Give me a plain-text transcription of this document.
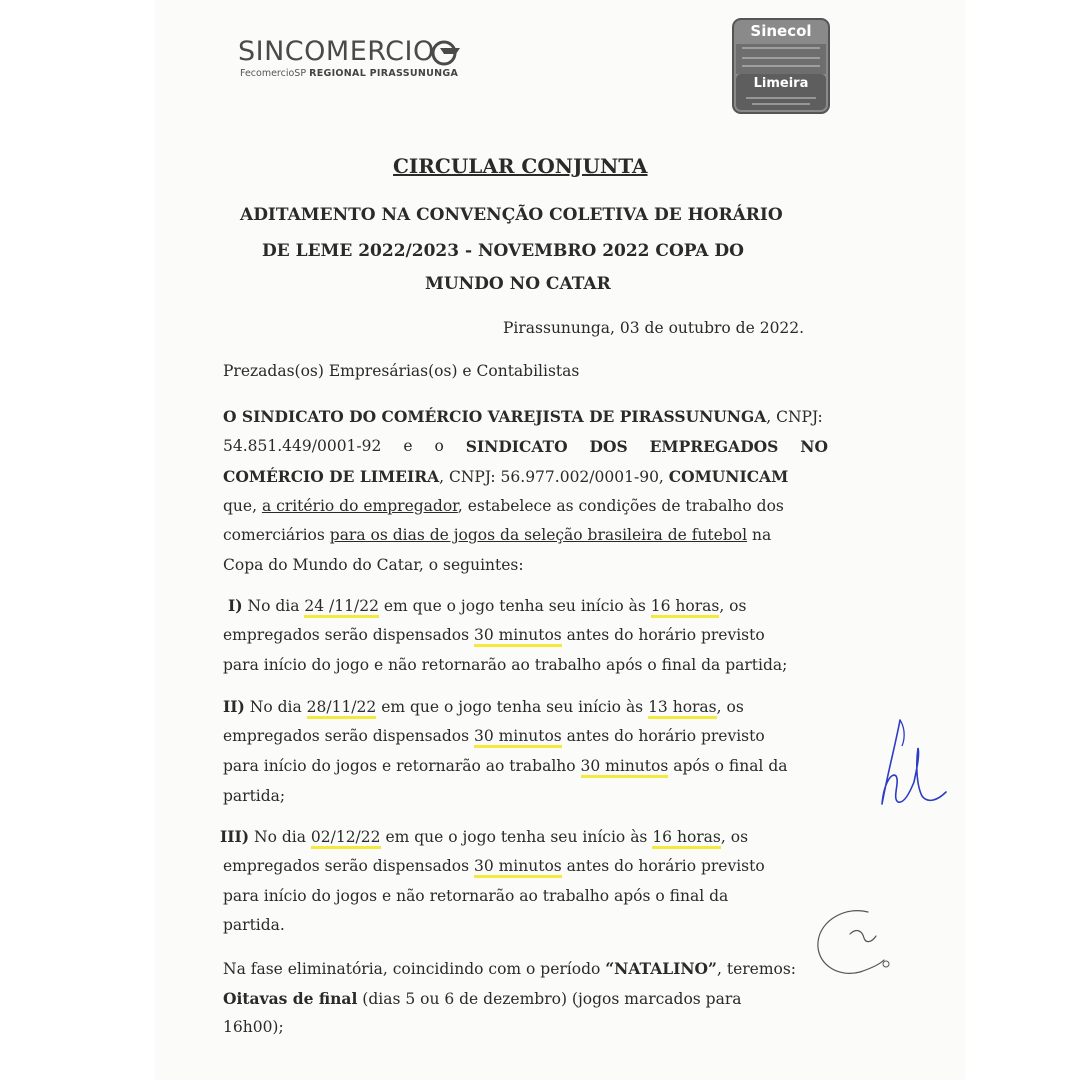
SINCOMERCIO
FecomercioSP REGIONAL PIRASSUNUNGA
Sinecol
Limeira
CIRCULAR CONJUNTA
ADITAMENTO NA CONVENÇÃO COLETIVA DE HORÁRIO
DE LEME 2022/2023 - NOVEMBRO 2022 COPA DO
MUNDO NO CATAR
Pirassununga, 03 de outubro de 2022.
Prezadas(os) Empresárias(os) e Contabilistas
O SINDICATO DO COMÉRCIO VAREJISTA DE PIRASSUNUNGA, CNPJ:
54.851.449/0001-92 e o SINDICATO DOS EMPREGADOS NO
COMÉRCIO DE LIMEIRA, CNPJ: 56.977.002/0001-90, COMUNICAM
que, a critério do empregador, estabelece as condições de trabalho dos
comerciários para os dias de jogos da seleção brasileira de futebol na
Copa do Mundo do Catar, o seguintes:
I) No dia 24 /11/22 em que o jogo tenha seu início às 16 horas, os
empregados serão dispensados 30 minutos antes do horário previsto
para início do jogo e não retornarão ao trabalho após o final da partida;
II) No dia 28/11/22 em que o jogo tenha seu início às 13 horas, os
empregados serão dispensados 30 minutos antes do horário previsto
para início do jogos e retornarão ao trabalho 30 minutos após o final da
partida;
III) No dia 02/12/22 em que o jogo tenha seu início às 16 horas, os
empregados serão dispensados 30 minutos antes do horário previsto
para início do jogos e não retornarão ao trabalho após o final da
partida.
Na fase eliminatória, coincidindo com o período “NATALINO”, teremos:
Oitavas de final (dias 5 ou 6 de dezembro) (jogos marcados para
16h00);
